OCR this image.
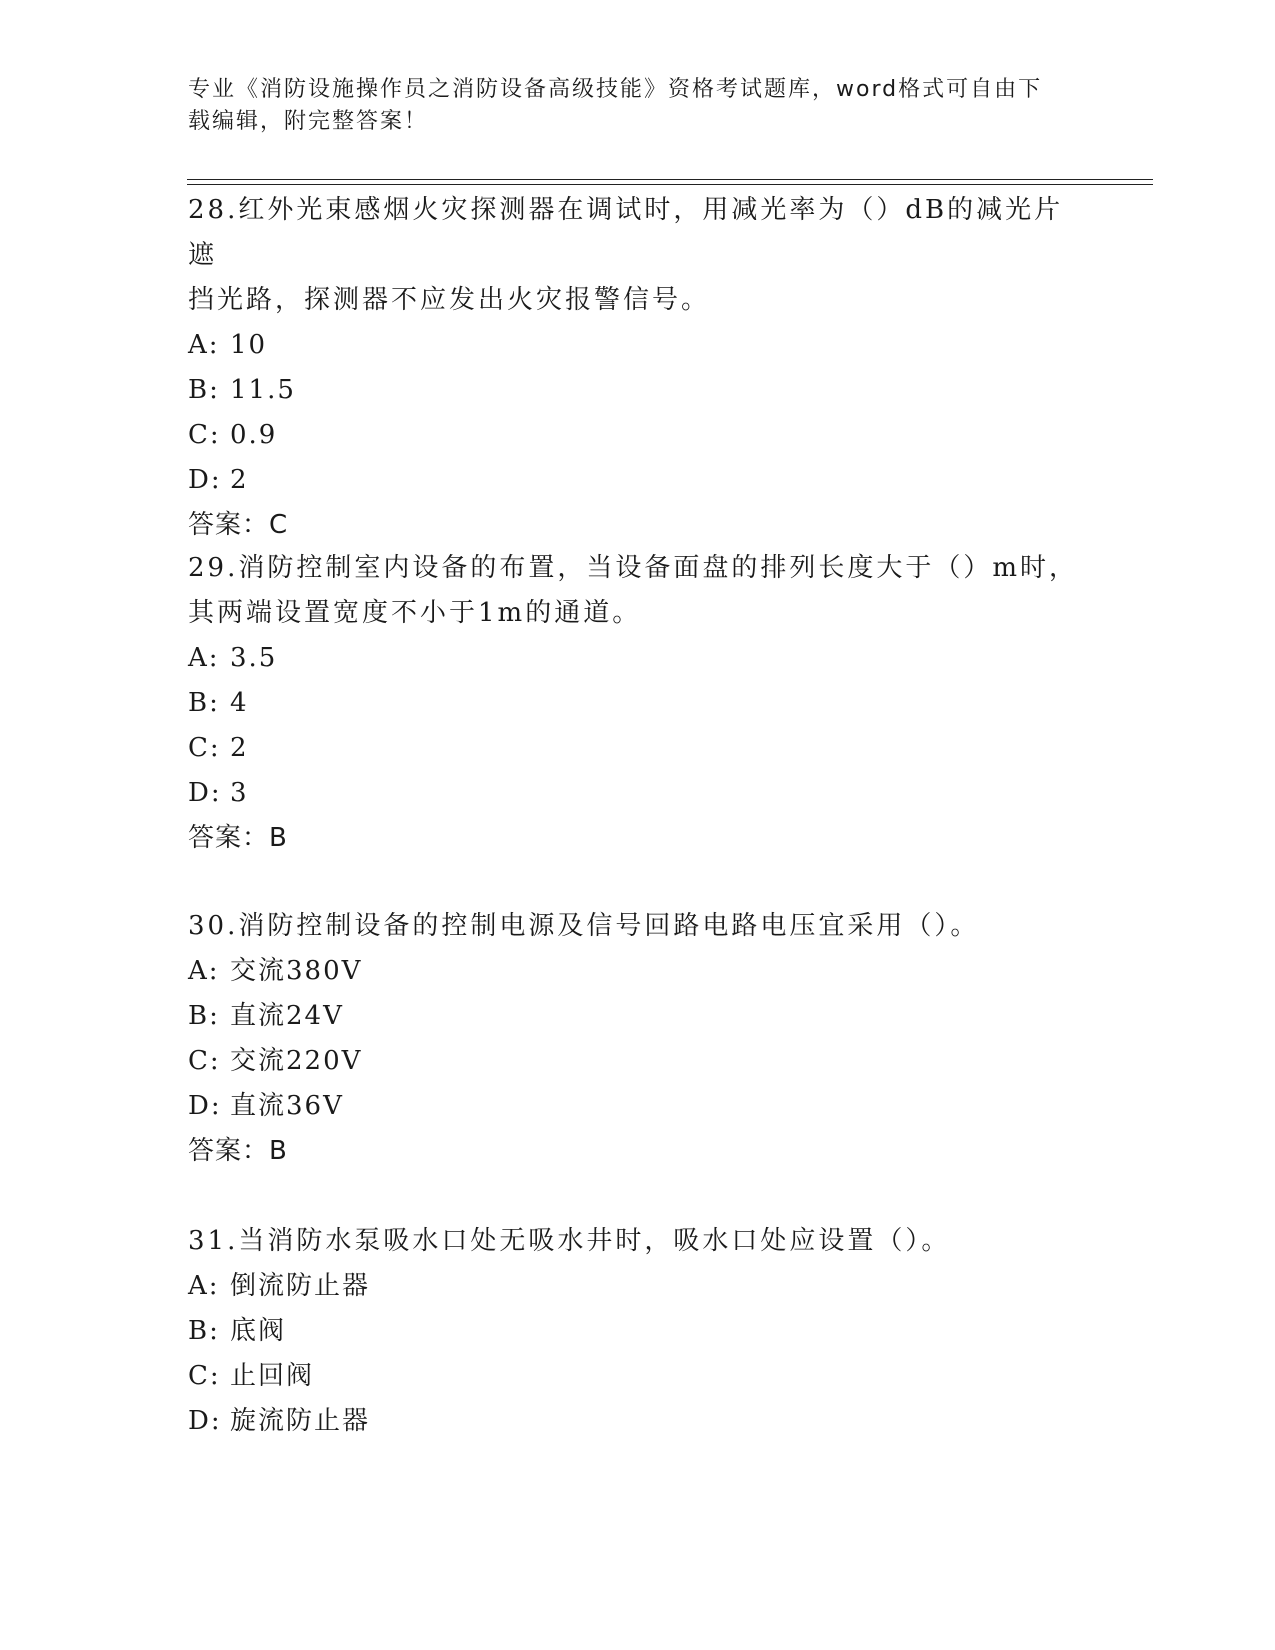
专业《消防设施操作员之消防设备高级技能》资格考试题库，word格式可自由下
载编辑，附完整答案！

28.红外光束感烟火灾探测器在调试时，用减光率为（）dB的减光片遮

挡光路，探测器不应发出火灾报警信号。

A: 10
B: 11.5
C: 0.9
D: 2
答案：C

29.消防控制室内设备的布置，当设备面盘的排列长度大于（）m时，

其两端设置宽度不小于1m的通道。

A: 3.5
B: 4
C: 2
D: 3
答案：B

30.消防控制设备的控制电源及信号回路电路电压宜采用（）。

A: 交流380V
B: 直流24V
C: 交流220V
D: 直流36V
答案：B

31.当消防水泵吸水口处无吸水井时，吸水口处应设置（）。

A: 倒流防止器
B: 底阀
C: 止回阀
D: 旋流防止器
